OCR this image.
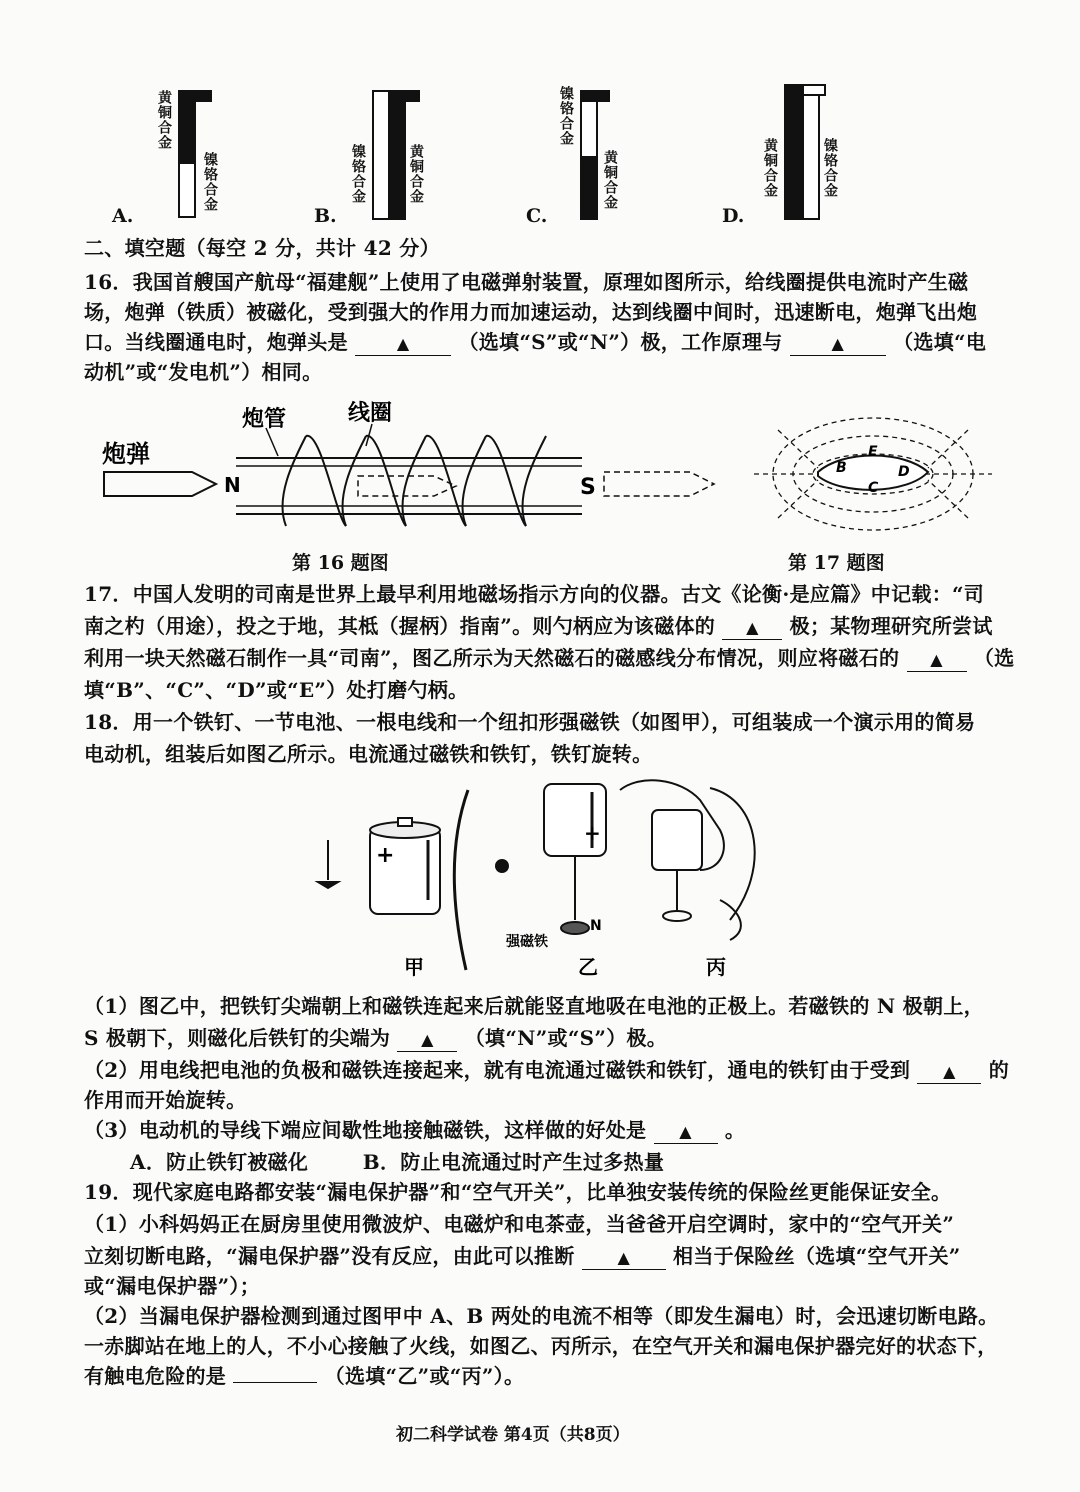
黄铜合金
镍铬合金
A.
镍铬合金	黄铜合金
B.
镍铬合金
黄铜合金
C.
黄铜合金	镍铬合金
D.
二、填空题（每空 2 分，共计 42 分）
16．我国首艘国产航母“福建舰”上使用了电磁弹射装置，原理如图所示，给线圈提供电流时产生磁
场，炮弹（铁质）被磁化，受到强大的作用力而加速运动，达到线圈中间时，迅速断电，炮弹飞出炮
口。当线圈通电时，炮弹头是	▲ （选填“S”或“N”）极，工作原理与	▲ （选填“电
动机”或“发电机”）相同。
炮弹
炮管	线圈
N	S
第 16 题图
B
E
C
D
第 17 题图
17．中国人发明的司南是世界上最早利用地磁场指示方向的仪器。古文《论衡·是应篇》中记载：“司
南之杓（用途），投之于地，其柢（握柄）指南”。则勺柄应为该磁体的 ▲ 极；某物理研究所尝试
利用一块天然磁石制作一具“司南”，图乙所示为天然磁石的磁感线分布情况，则应将磁石的 ▲ （选
填“B”、“C”、“D”或“E”）处打磨勺柄。
18．用一个铁钉、一节电池、一根电线和一个纽扣形强磁铁（如图甲），可组装成一个演示用的简易
电动机，组装后如图乙所示。电流通过磁铁和铁钉，铁钉旋转。
+
+
强磁铁
N
甲	乙	丙
（1）图乙中，把铁钉尖端朝上和磁铁连起来后就能竖直地吸在电池的正极上。若磁铁的 N 极朝上，
S 极朝下，则磁化后铁钉的尖端为 ▲ （填“N”或“S”）极。
（2）用电线把电池的负极和磁铁连接起来，就有电流通过磁铁和铁钉，通电的铁钉由于受到 ▲ 的
作用而开始旋转。
（3）电动机的导线下端应间歇性地接触磁铁，这样做的好处是 ▲ 。
A．防止铁钉被磁化	B．防止电流通过时产生过多热量
19．现代家庭电路都安装“漏电保护器”和“空气开关”，比单独安装传统的保险丝更能保证安全。
（1）小科妈妈正在厨房里使用微波炉、电磁炉和电茶壶，当爸爸开启空调时，家中的“空气开关”
立刻切断电路，“漏电保护器”没有反应，由此可以推断	▲ 相当于保险丝（选填“空气开关”
或“漏电保护器”）；
（2）当漏电保护器检测到通过图甲中 A、B 两处的电流不相等（即发生漏电）时，会迅速切断电路。
一赤脚站在地上的人，不小心接触了火线，如图乙、丙所示，在空气开关和漏电保护器完好的状态下，
有触电危险的是	（选填“乙”或“丙”）。
初二科学试卷 第4页（共8页）
